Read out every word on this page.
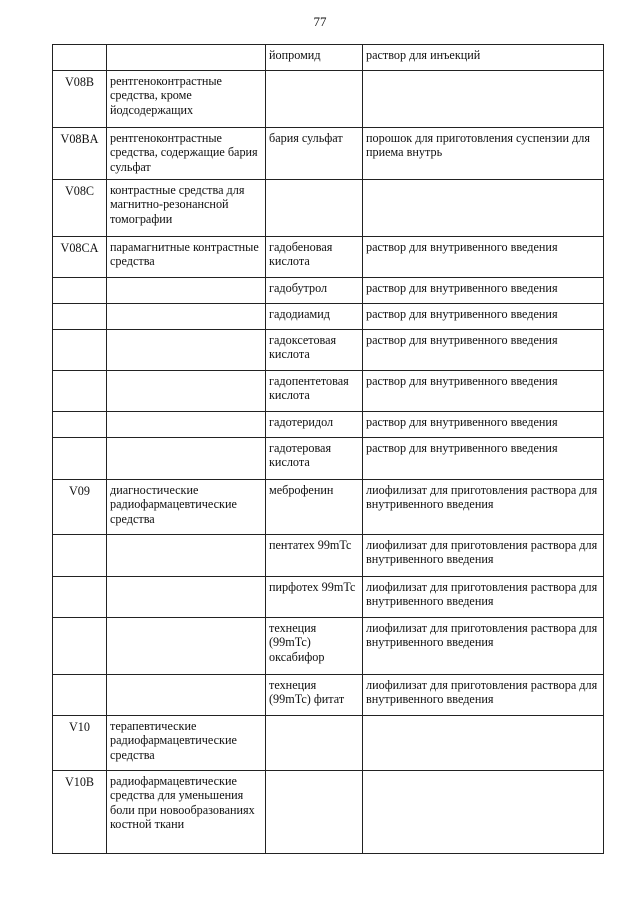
77
		йопромид	раствор для инъекций
V08B	рентгеноконтрастные средства, кроме йодсодержащих		
V08BA	рентгеноконтрастные средства, содержащие бария сульфат	бария сульфат	порошок для приготовления суспензии для приема внутрь
V08C	контрастные средства для магнитно-резонансной томографии		
V08CA	парамагнитные контрастные средства	гадобеновая кислота	раствор для внутривенного введения
		гадобутрол	раствор для внутривенного введения
		гадодиамид	раствор для внутривенного введения
		гадоксетовая кислота	раствор для внутривенного введения
		гадопентетовая кислота	раствор для внутривенного введения
		гадотеридол	раствор для внутривенного введения
		гадотеровая кислота	раствор для внутривенного введения
V09	диагностические радиофармацевтические средства	меброфенин	лиофилизат для приготовления раствора для внутривенного введения
		пентатех 99mTc	лиофилизат для приготовления раствора для внутривенного введения
		пирфотех 99mTc	лиофилизат для приготовления раствора для внутривенного введения
		технеция (99mTc) оксабифор	лиофилизат для приготовления раствора для внутривенного введения
		технеция (99mTc) фитат	лиофилизат для приготовления раствора для внутривенного введения
V10	терапевтические радиофармацевтические средства		
V10B	радиофармацевтические средства для уменьшения боли при новообразованиях костной ткани		
